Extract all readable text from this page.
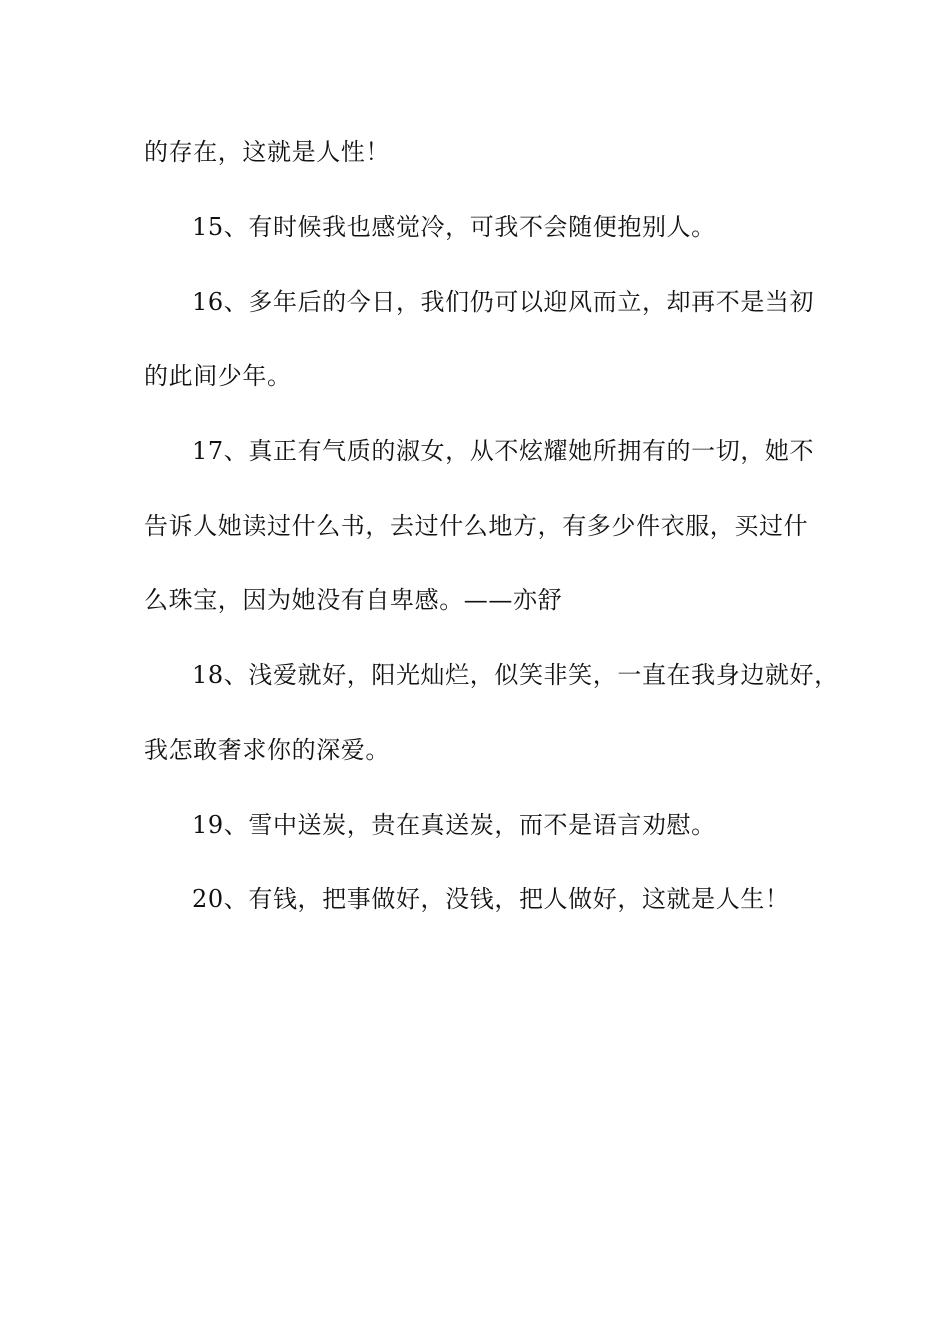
的存在，这就是人性！
15、有时候我也感觉冷，可我不会随便抱别人。
16、多年后的今日，我们仍可以迎风而立，却再不是当初
的此间少年。
17、真正有气质的淑女，从不炫耀她所拥有的一切，她不
告诉人她读过什么书，去过什么地方，有多少件衣服，买过什
么珠宝，因为她没有自卑感。——亦舒
18、浅爱就好，阳光灿烂，似笑非笑，一直在我身边就好，
我怎敢奢求你的深爱。
19、雪中送炭，贵在真送炭，而不是语言劝慰。
20、有钱，把事做好，没钱，把人做好，这就是人生！
